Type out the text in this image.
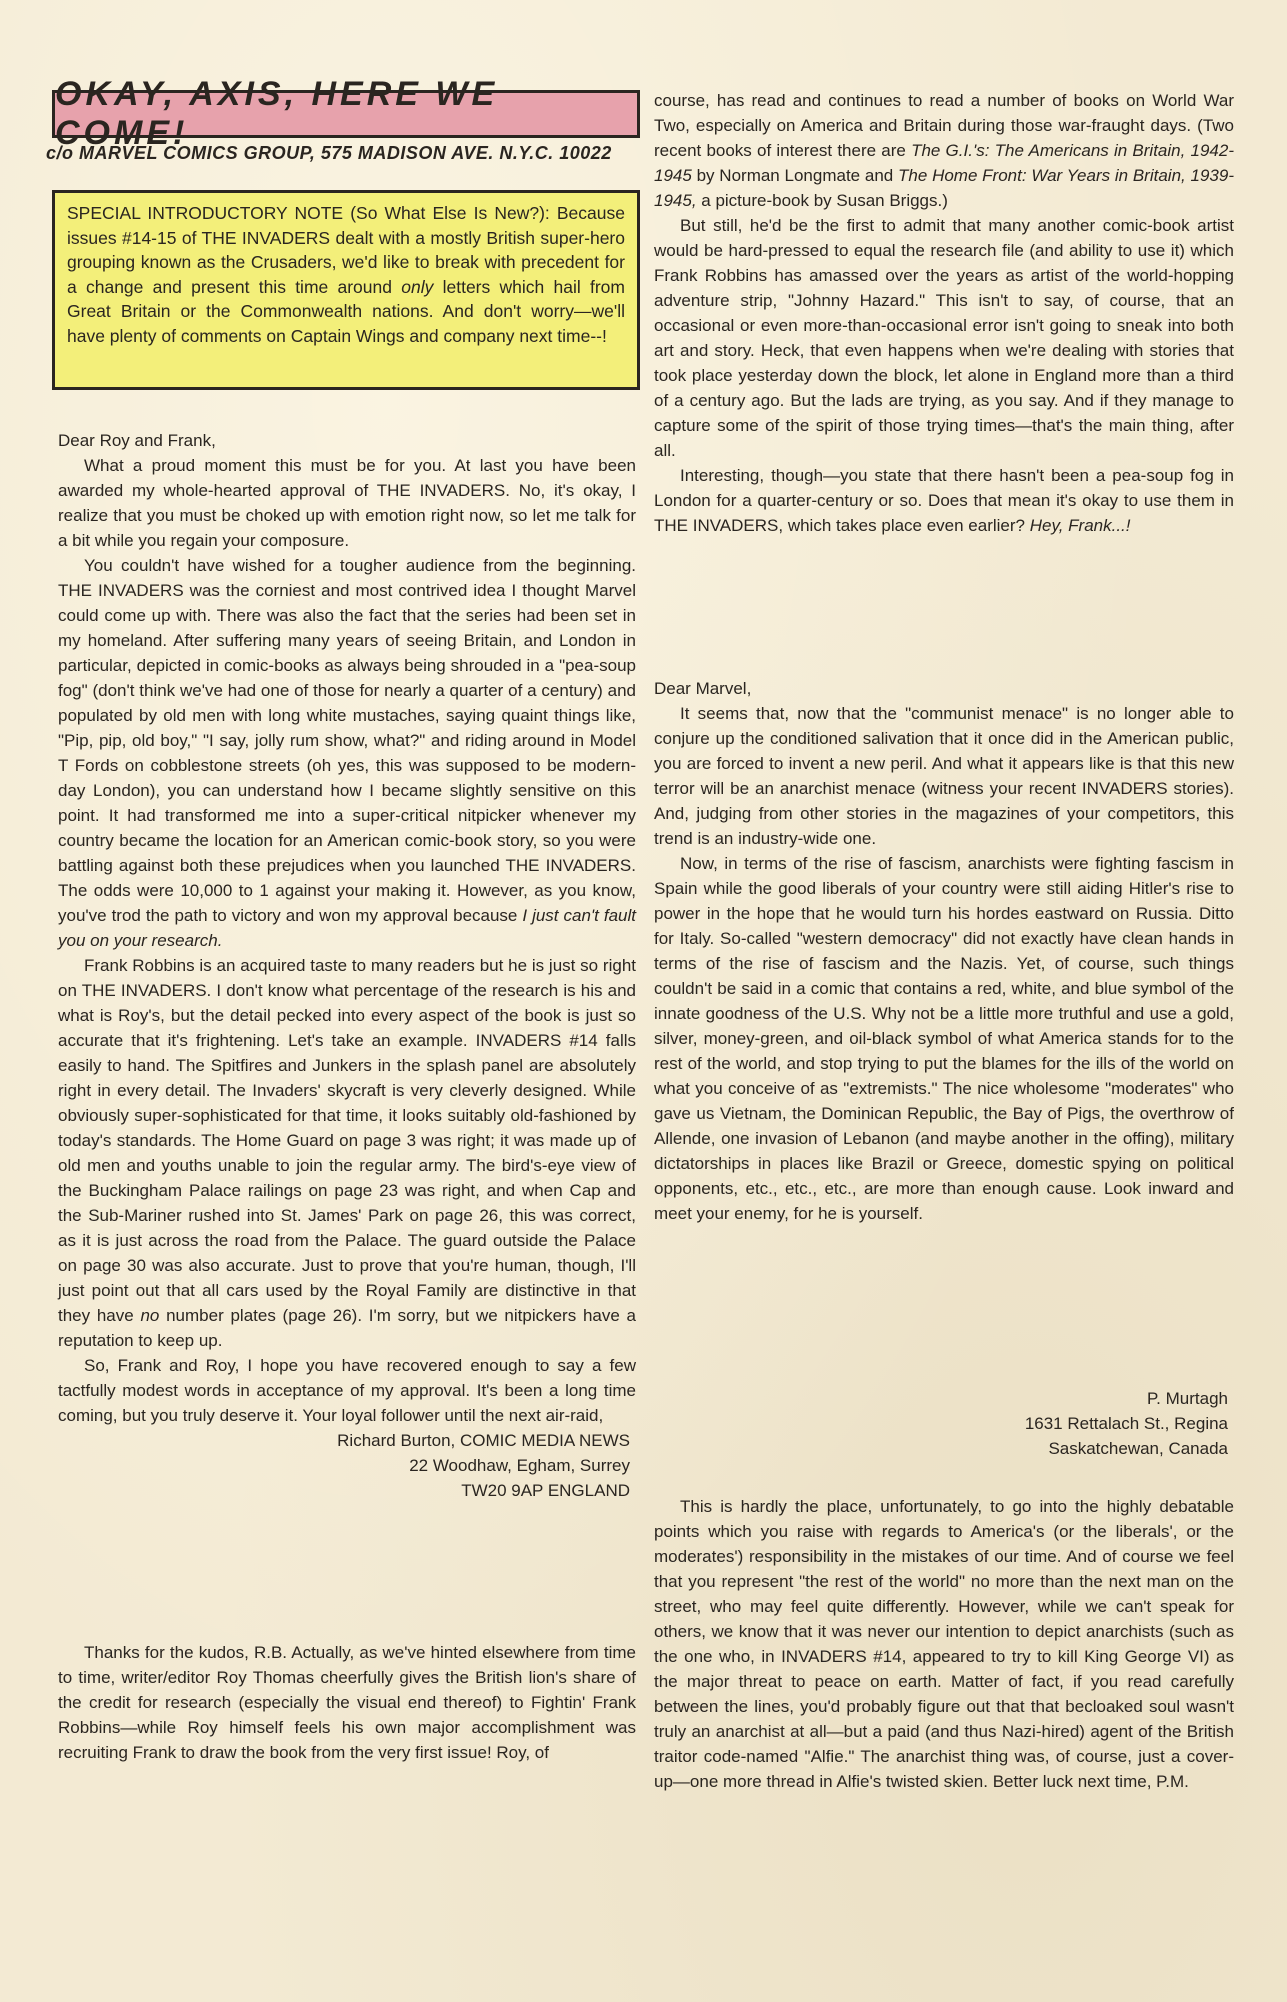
OKAY, AXIS, HERE WE COME!
c/o MARVEL COMICS GROUP, 575 MADISON AVE. N.Y.C. 10022
SPECIAL INTRODUCTORY NOTE (So What Else Is New?): Because issues #14-15 of THE INVADERS dealt with a mostly British super-hero grouping known as the Crusaders, we'd like to break with precedent for a change and present this time around only letters which hail from Great Britain or the Commonwealth nations. And don't worry—we'll have plenty of comments on Captain Wings and company next time--!

Dear Roy and Frank,

What a proud moment this must be for you. At last you have been awarded my whole-hearted approval of THE INVADERS. No, it's okay, I realize that you must be choked up with emotion right now, so let me talk for a bit while you regain your composure.

You couldn't have wished for a tougher audience from the beginning. THE INVADERS was the corniest and most contrived idea I thought Marvel could come up with. There was also the fact that the series had been set in my homeland. After suffering many years of seeing Britain, and London in particular, depicted in comic-books as always being shrouded in a "pea-soup fog" (don't think we've had one of those for nearly a quarter of a century) and populated by old men with long white mustaches, saying quaint things like, "Pip, pip, old boy," "I say, jolly rum show, what?" and riding around in Model T Fords on cobblestone streets (oh yes, this was supposed to be modern-day London), you can understand how I became slightly sensitive on this point. It had transformed me into a super-critical nitpicker whenever my country became the location for an American comic-book story, so you were battling against both these prejudices when you launched THE INVADERS. The odds were 10,000 to 1 against your making it. However, as you know, you've trod the path to victory and won my approval because I just can't fault you on your research.

Frank Robbins is an acquired taste to many readers but he is just so right on THE INVADERS. I don't know what percentage of the research is his and what is Roy's, but the detail pecked into every aspect of the book is just so accurate that it's frightening. Let's take an example. INVADERS #14 falls easily to hand. The Spitfires and Junkers in the splash panel are absolutely right in every detail. The Invaders' skycraft is very cleverly designed. While obviously super-sophisticated for that time, it looks suitably old-fashioned by today's standards. The Home Guard on page 3 was right; it was made up of old men and youths unable to join the regular army. The bird's-eye view of the Buckingham Palace railings on page 23 was right, and when Cap and the Sub-Mariner rushed into St. James' Park on page 26, this was correct, as it is just across the road from the Palace. The guard outside the Palace on page 30 was also accurate. Just to prove that you're human, though, I'll just point out that all cars used by the Royal Family are distinctive in that they have no number plates (page 26). I'm sorry, but we nitpickers have a reputation to keep up.

So, Frank and Roy, I hope you have recovered enough to say a few tactfully modest words in acceptance of my approval. It's been a long time coming, but you truly deserve it. Your loyal follower until the next air-raid,

Richard Burton, COMIC MEDIA NEWS

22 Woodhaw, Egham, Surrey

TW20 9AP ENGLAND

Thanks for the kudos, R.B. Actually, as we've hinted elsewhere from time to time, writer/editor Roy Thomas cheerfully gives the British lion's share of the credit for research (especially the visual end thereof) to Fightin' Frank Robbins—while Roy himself feels his own major accomplishment was recruiting Frank to draw the book from the very first issue! Roy, of

course, has read and continues to read a number of books on World War Two, especially on America and Britain during those war-fraught days. (Two recent books of interest there are The G.I.'s: The Americans in Britain, 1942-1945 by Norman Longmate and The Home Front: War Years in Britain, 1939-1945, a picture-book by Susan Briggs.)

But still, he'd be the first to admit that many another comic-book artist would be hard-pressed to equal the research file (and ability to use it) which Frank Robbins has amassed over the years as artist of the world-hopping adventure strip, "Johnny Hazard." This isn't to say, of course, that an occasional or even more-than-occasional error isn't going to sneak into both art and story. Heck, that even happens when we're dealing with stories that took place yesterday down the block, let alone in England more than a third of a century ago. But the lads are trying, as you say. And if they manage to capture some of the spirit of those trying times—that's the main thing, after all.

Interesting, though—you state that there hasn't been a pea-soup fog in London for a quarter-century or so. Does that mean it's okay to use them in THE INVADERS, which takes place even earlier? Hey, Frank...!

Dear Marvel,

It seems that, now that the "communist menace" is no longer able to conjure up the conditioned salivation that it once did in the American public, you are forced to invent a new peril. And what it appears like is that this new terror will be an anarchist menace (witness your recent INVADERS stories). And, judging from other stories in the magazines of your competitors, this trend is an industry-wide one.

Now, in terms of the rise of fascism, anarchists were fighting fascism in Spain while the good liberals of your country were still aiding Hitler's rise to power in the hope that he would turn his hordes eastward on Russia. Ditto for Italy. So-called "western democracy" did not exactly have clean hands in terms of the rise of fascism and the Nazis. Yet, of course, such things couldn't be said in a comic that contains a red, white, and blue symbol of the innate goodness of the U.S. Why not be a little more truthful and use a gold, silver, money-green, and oil-black symbol of what America stands for to the rest of the world, and stop trying to put the blames for the ills of the world on what you conceive of as "extremists." The nice wholesome "moderates" who gave us Vietnam, the Dominican Republic, the Bay of Pigs, the overthrow of Allende, one invasion of Lebanon (and maybe another in the offing), military dictatorships in places like Brazil or Greece, domestic spying on political opponents, etc., etc., etc., are more than enough cause. Look inward and meet your enemy, for he is yourself.

P. Murtagh

1631 Rettalach St., Regina

Saskatchewan, Canada

This is hardly the place, unfortunately, to go into the highly debatable points which you raise with regards to America's (or the liberals', or the moderates') responsibility in the mistakes of our time. And of course we feel that you represent "the rest of the world" no more than the next man on the street, who may feel quite differently. However, while we can't speak for others, we know that it was never our intention to depict anarchists (such as the one who, in INVADERS #14, appeared to try to kill King George VI) as the major threat to peace on earth. Matter of fact, if you read carefully between the lines, you'd probably figure out that that becloaked soul wasn't truly an anarchist at all—but a paid (and thus Nazi-hired) agent of the British traitor code-named "Alfie." The anarchist thing was, of course, just a cover-up—one more thread in Alfie's twisted skien. Better luck next time, P.M.
